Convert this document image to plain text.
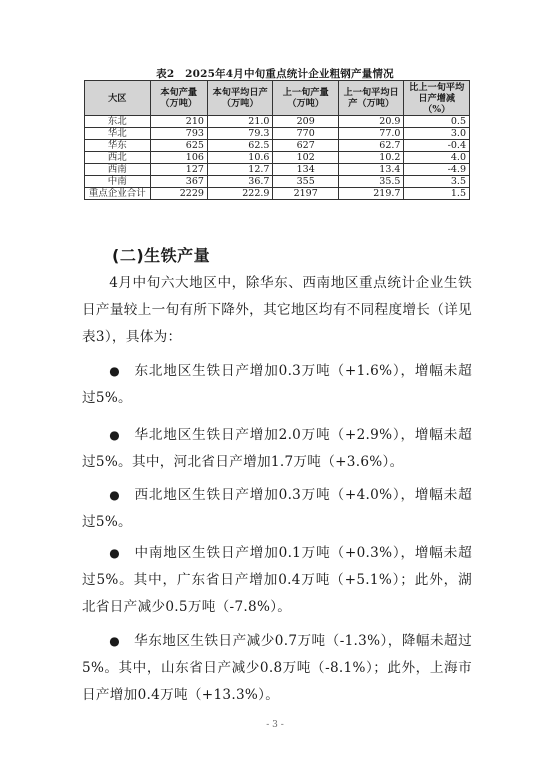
表2　2025年4月中旬重点统计企业粗钢产量情况
大区	本旬产量（万吨）	本旬平均日产（万吨）	上一旬产量（万吨）	上一旬平均日产（万吨）	比上一旬平均日产增减（%）
东北	210	21.0	209	20.9	0.5
华北	793	79.3	770	77.0	3.0
华东	625	62.5	627	62.7	-0.4
西北	106	10.6	102	10.2	4.0
西南	127	12.7	134	13.4	-4.9
中南	367	36.7	355	35.5	3.5
重点企业合计	2229	222.9	2197	219.7	1.5
(二)生铁产量

4月中旬六大地区中，除华东、西南地区重点统计企业生铁日产量较上一旬有所下降外，其它地区均有不同程度增长（详见表3），具体为：

● 东北地区生铁日产增加0.3万吨（+1.6%），增幅未超过5%。

● 华北地区生铁日产增加2.0万吨（+2.9%），增幅未超过5%。其中，河北省日产增加1.7万吨（+3.6%）。

● 西北地区生铁日产增加0.3万吨（+4.0%），增幅未超过5%。

● 中南地区生铁日产增加0.1万吨（+0.3%），增幅未超过5%。其中，广东省日产增加0.4万吨（+5.1%）；此外，湖北省日产减少0.5万吨（-7.8%）。

● 华东地区生铁日产减少0.7万吨（-1.3%），降幅未超过5%。其中，山东省日产减少0.8万吨（-8.1%）；此外，上海市日产增加0.4万吨（+13.3%）。

- 3 -
